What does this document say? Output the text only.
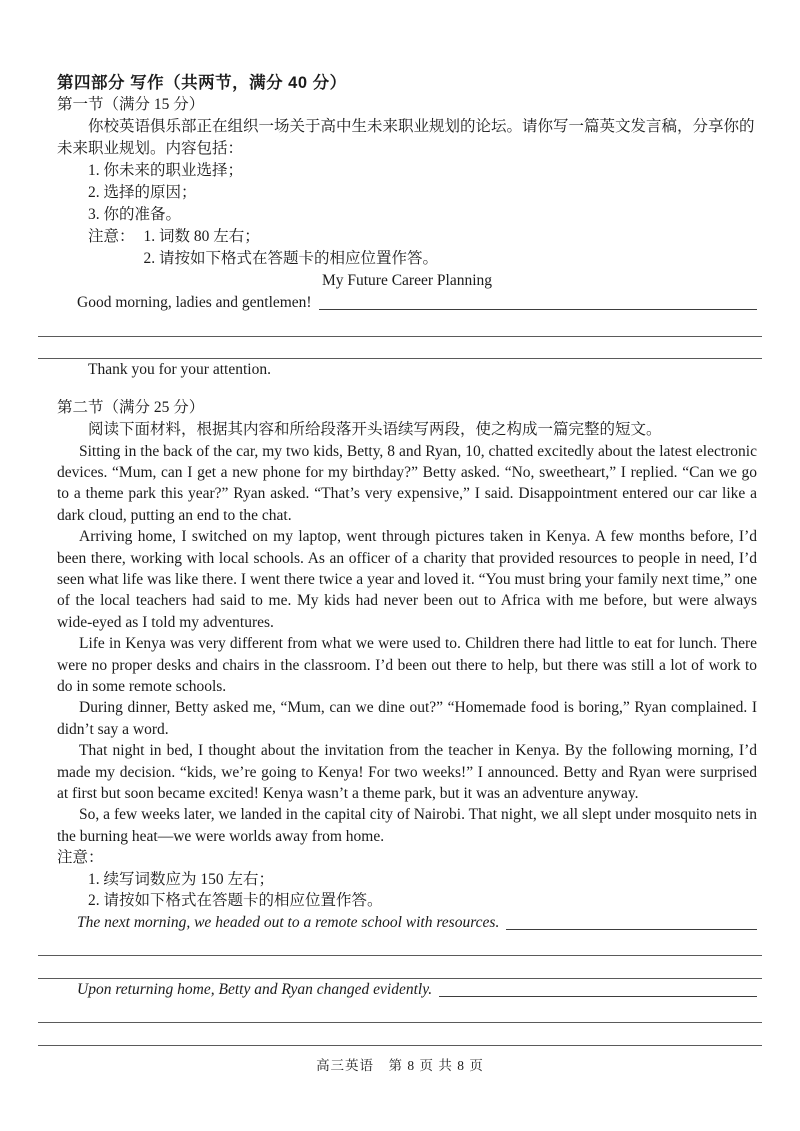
第四部分 写作（共两节，满分 40 分）
第一节（满分 15 分）

你校英语俱乐部正在组织一场关于高中生未来职业规划的论坛。请你写一篇英文发言稿，分享你的未来职业规划。内容包括：

1. 你未来的职业选择；
2. 选择的原因；
3. 你的准备。
注意： 1. 词数 80 左右；
2. 请按如下格式在答题卡的相应位置作答。
My Future Career Planning
Good morning, ladies and gentlemen!
Thank you for your attention.
第二节（满分 25 分）

阅读下面材料，根据其内容和所给段落开头语续写两段，使之构成一篇完整的短文。

Sitting in the back of the car, my two kids, Betty, 8 and Ryan, 10, chatted excitedly about the latest electronic devices. “Mum, can I get a new phone for my birthday?” Betty asked. “No, sweetheart,” I replied. “Can we go to a theme park this year?” Ryan asked. “That’s very expensive,” I said. Disappointment entered our car like a dark cloud, putting an end to the chat.

Arriving home, I switched on my laptop, went through pictures taken in Kenya. A few months before, I’d been there, working with local schools. As an officer of a charity that provided resources to people in need, I’d seen what life was like there. I went there twice a year and loved it. “You must bring your family next time,” one of the local teachers had said to me. My kids had never been out to Africa with me before, but were always wide-eyed as I told my adventures.

Life in Kenya was very different from what we were used to. Children there had little to eat for lunch. There were no proper desks and chairs in the classroom. I’d been out there to help, but there was still a lot of work to do in some remote schools.

During dinner, Betty asked me, “Mum, can we dine out?” “Homemade food is boring,” Ryan complained. I didn’t say a word.

That night in bed, I thought about the invitation from the teacher in Kenya. By the following morning, I’d made my decision. “kids, we’re going to Kenya! For two weeks!” I announced. Betty and Ryan were surprised at first but soon became excited! Kenya wasn’t a theme park, but it was an adventure anyway.

So, a few weeks later, we landed in the capital city of Nairobi. That night, we all slept under mosquito nets in the burning heat—we were worlds away from home.

注意：
1. 续写词数应为 150 左右；
2. 请按如下格式在答题卡的相应位置作答。
The next morning, we headed out to a remote school with resources.
Upon returning home, Betty and Ryan changed evidently.
高三英语　第 8 页 共 8 页
